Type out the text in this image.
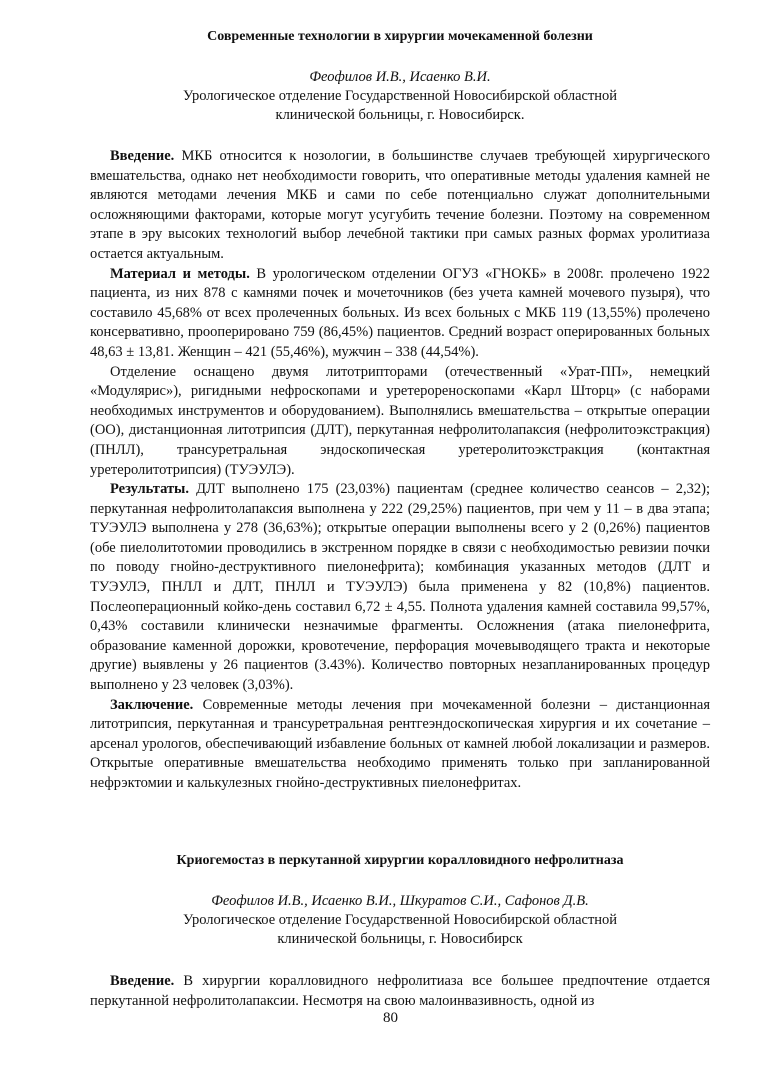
Современные технологии в хирургии мочекаменной болезни

Феофилов И.В., Исаенко В.И.

Урологическое отделение Государственной Новосибирской областной клинической больницы, г. Новосибирск.

Введение. МКБ относится к нозологии, в большинстве случаев требующей хирургического вмешательства, однако нет необходимости говорить, что оперативные методы удаления камней не являются методами лечения МКБ и сами по себе потенциально служат дополнительными осложняющими факторами, которые могут усугубить течение болезни. Поэтому на современном этапе в эру высоких технологий выбор лечебной тактики при самых разных формах уролитиаза остается актуальным.

Материал и методы. В урологическом отделении ОГУЗ «ГНОКБ» в 2008г. пролечено 1922 пациента, из них 878 с камнями почек и мочеточников (без учета камней мочевого пузыря), что составило 45,68% от всех пролеченных больных. Из всех больных с МКБ 119 (13,55%) пролечено консервативно, прооперировано 759 (86,45%) пациентов. Средний возраст оперированных больных 48,63 ± 13,81. Женщин – 421 (55,46%), мужчин – 338 (44,54%).

Отделение оснащено двумя литотрипторами (отечественный «Урат-ПП», немецкий «Модулярис»), ригидными нефроскопами и уретерореноскопами «Карл Шторц» (с наборами необходимых инструментов и оборудованием). Выполнялись вмешательства – открытые операции (ОО), дистанционная литотрипсия (ДЛТ), перкутанная нефролитолапаксия (нефролитоэкстракция) (ПНЛЛ), трансуретральная эндоскопическая уретеролитоэкстракция (контактная уретеролитотрипсия) (ТУЭУЛЭ).

Результаты. ДЛТ выполнено 175 (23,03%) пациентам (среднее количество сеансов – 2,32); перкутанная нефролитолапаксия выполнена у 222 (29,25%) пациентов, при чем у 11 – в два этапа; ТУЭУЛЭ выполнена у 278 (36,63%); открытые операции выполнены всего у 2 (0,26%) пациентов (обе пиелолитотомии проводились в экстренном порядке в связи с необходимостью ревизии почки по поводу гнойно-деструктивного пиелонефрита); комбинация указанных методов (ДЛТ и ТУЭУЛЭ, ПНЛЛ и ДЛТ, ПНЛЛ и ТУЭУЛЭ) была применена у 82 (10,8%) пациентов. Послеоперационный койко-день составил 6,72 ± 4,55. Полнота удаления камней составила 99,57%, 0,43% составили клинически незначимые фрагменты. Осложнения (атака пиелонефрита, образование каменной дорожки, кровотечение, перфорация мочевыводящего тракта и некоторые другие) выявлены у 26 пациентов (3.43%). Количество повторных незапланированных процедур выполнено у 23 человек (3,03%).

Заключение. Современные методы лечения при мочекаменной болезни – дистанционная литотрипсия, перкутанная и трансуретральная рентгеэндоскопическая хирургия и их сочетание – арсенал урологов, обеспечивающий избавление больных от камней любой локализации и размеров. Открытые оперативные вмешательства необходимо применять только при запланированной нефрэктомии и калькулезных гнойно-деструктивных пиелонефритах.

Криогемостаз в перкутанной хирургии коралловидного нефролитназа

Феофилов И.В., Исаенко В.И., Шкуратов С.И., Сафонов Д.В.

Урологическое отделение Государственной Новосибирской областной клинической больницы, г. Новосибирск

Введение. В хирургии коралловидного нефролитиаза все большее предпочтение отдается перкутанной нефролитолапаксии. Несмотря на свою малоинвазивность, одной из

80
